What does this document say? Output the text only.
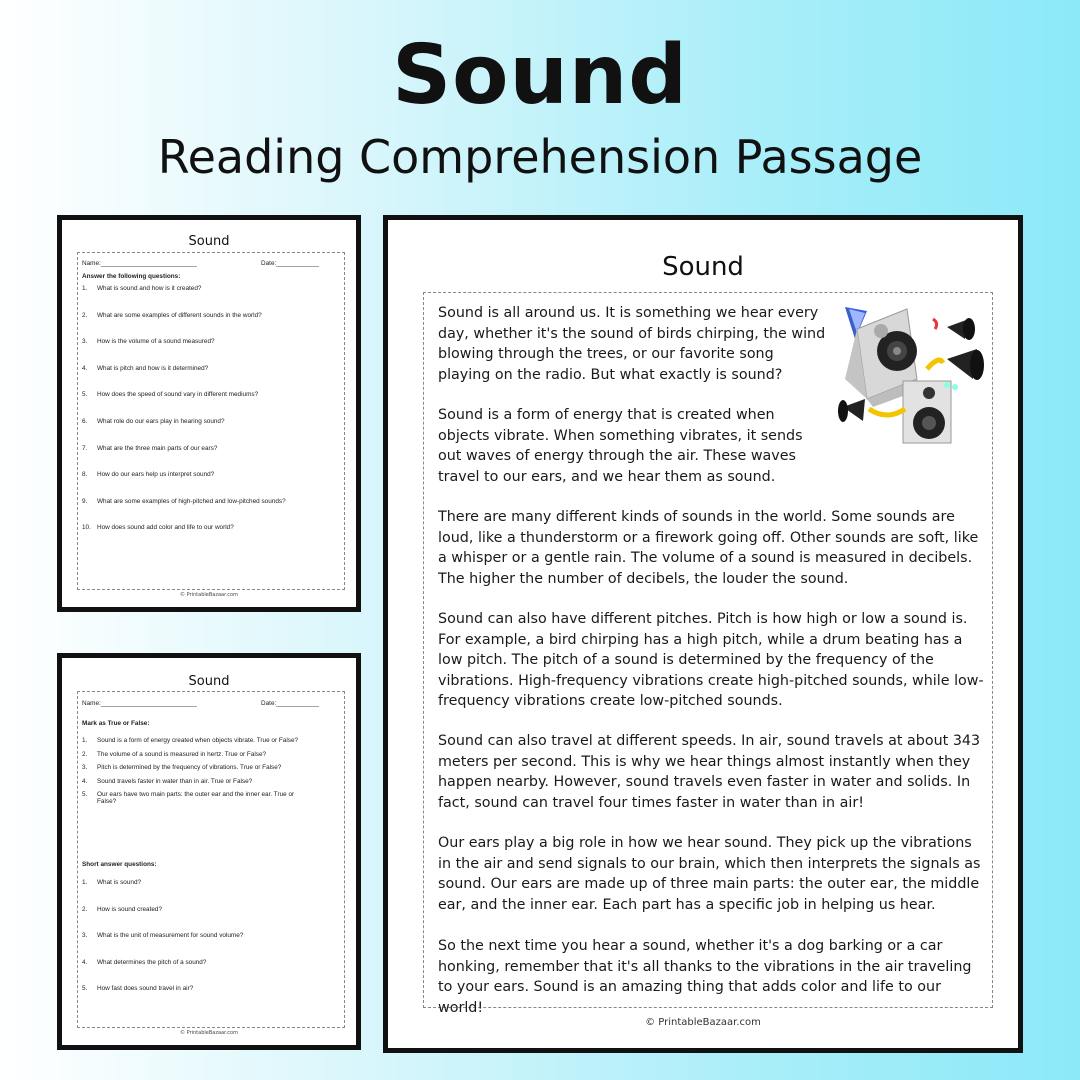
Sound
Reading Comprehension Passage
Sound
Name:___________________________	Date:____________
Answer the following questions:
1.	What is sound and how is it created?
2.	What are some examples of different sounds in the world?
3.	How is the volume of a sound measured?
4.	What is pitch and how is it determined?
5.	How does the speed of sound vary in different mediums?
6.	What role do our ears play in hearing sound?
7.	What are the three main parts of our ears?
8.	How do our ears help us interpret sound?
9.	What are some examples of high-pitched and low-pitched sounds?
10. How does sound add color and life to our world?
© PrintableBazaar.com
Sound
Name:___________________________	Date:____________
Mark as True or False:
1.	Sound is a form of energy created when objects vibrate. True or False?
2.	The volume of a sound is measured in hertz. True or False?
3.	Pitch is determined by the frequency of vibrations. True or False?
4.	Sound travels faster in water than in air. True or False?
5.	Our ears have two main parts: the outer ear and the inner ear. True or False?
Short answer questions:
1.	What is sound?
2.	How is sound created?
3.	What is the unit of measurement for sound volume?
4.	What determines the pitch of a sound?
5.	How fast does sound travel in air?
© PrintableBazaar.com
Sound
Sound is all around us. It is something we hear every day, whether it's the sound of birds chirping, the wind blowing through the trees, or our favorite song playing on the radio. But what exactly is sound?
Sound is a form of energy that is created when objects vibrate. When something vibrates, it sends out waves of energy through the air. These waves travel to our ears, and we hear them as sound.
There are many different kinds of sounds in the world. Some sounds are loud, like a thunderstorm or a firework going off. Other sounds are soft, like a whisper or a gentle rain. The volume of a sound is measured in decibels. The higher the number of decibels, the louder the sound.
Sound can also have different pitches. Pitch is how high or low a sound is. For example, a bird chirping has a high pitch, while a drum beating has a low pitch. The pitch of a sound is determined by the frequency of the vibrations. High-frequency vibrations create high-pitched sounds, while low-frequency vibrations create low-pitched sounds.
Sound can also travel at different speeds. In air, sound travels at about 343 meters per second. This is why we hear things almost instantly when they happen nearby. However, sound travels even faster in water and solids. In fact, sound can travel four times faster in water than in air!
Our ears play a big role in how we hear sound. They pick up the vibrations in the air and send signals to our brain, which then interprets the signals as sound. Our ears are made up of three main parts: the outer ear, the middle ear, and the inner ear. Each part has a specific job in helping us hear.
So the next time you hear a sound, whether it's a dog barking or a car honking, remember that it's all thanks to the vibrations in the air traveling to your ears. Sound is an amazing thing that adds color and life to our world!
© PrintableBazaar.com
